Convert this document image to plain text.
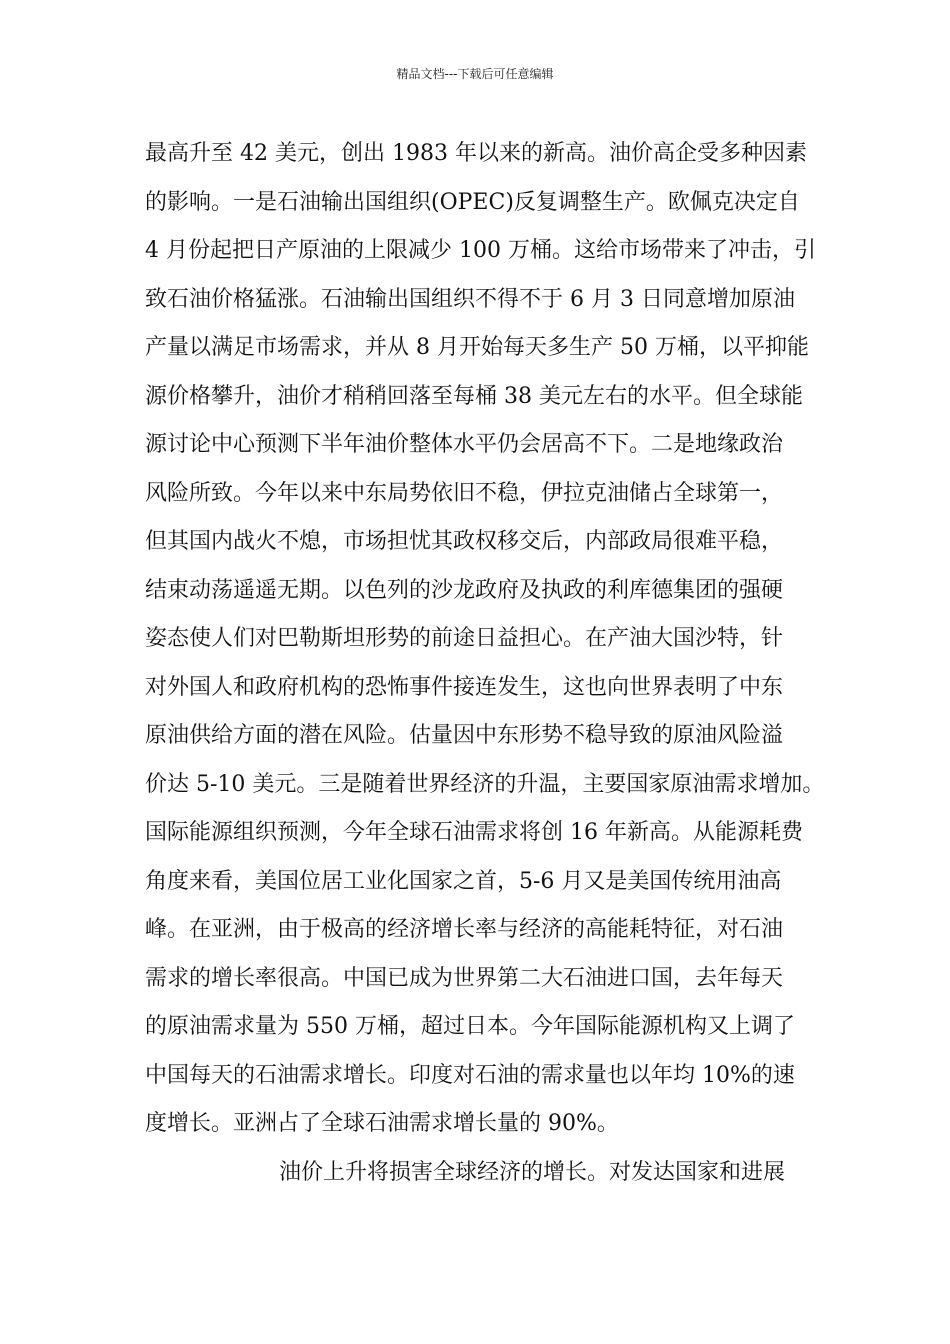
精品文档---下载后可任意编辑
最高升至 42 美元，创出 1983 年以来的新高。油价高企受多种因素
的影响。一是石油输出国组织(OPEC)反复调整生产。欧佩克决定自
4 月份起把日产原油的上限减少 100 万桶。这给市场带来了冲击，引
致石油价格猛涨。石油输出国组织不得不于 6 月 3 日同意增加原油
产量以满足市场需求，并从 8 月开始每天多生产 50 万桶，以平抑能
源价格攀升，油价才稍稍回落至每桶 38 美元左右的水平。但全球能
源讨论中心预测下半年油价整体水平仍会居高不下。二是地缘政治
风险所致。今年以来中东局势依旧不稳，伊拉克油储占全球第一，
但其国内战火不熄，市场担忧其政权移交后，内部政局很难平稳，
结束动荡遥遥无期。以色列的沙龙政府及执政的利库德集团的强硬
姿态使人们对巴勒斯坦形势的前途日益担心。在产油大国沙特，针
对外国人和政府机构的恐怖事件接连发生，这也向世界表明了中东
原油供给方面的潜在风险。估量因中东形势不稳导致的原油风险溢
价达 5-10 美元。三是随着世界经济的升温，主要国家原油需求增加。
国际能源组织预测，今年全球石油需求将创 16 年新高。从能源耗费
角度来看，美国位居工业化国家之首，5-6 月又是美国传统用油高
峰。在亚洲，由于极高的经济增长率与经济的高能耗特征，对石油
需求的增长率很高。中国已成为世界第二大石油进口国，去年每天
的原油需求量为 550 万桶，超过日本。今年国际能源机构又上调了
中国每天的石油需求增长。印度对石油的需求量也以年均 10%的速
度增长。亚洲占了全球石油需求增长量的 90%。
油价上升将损害全球经济的增长。对发达国家和进展
